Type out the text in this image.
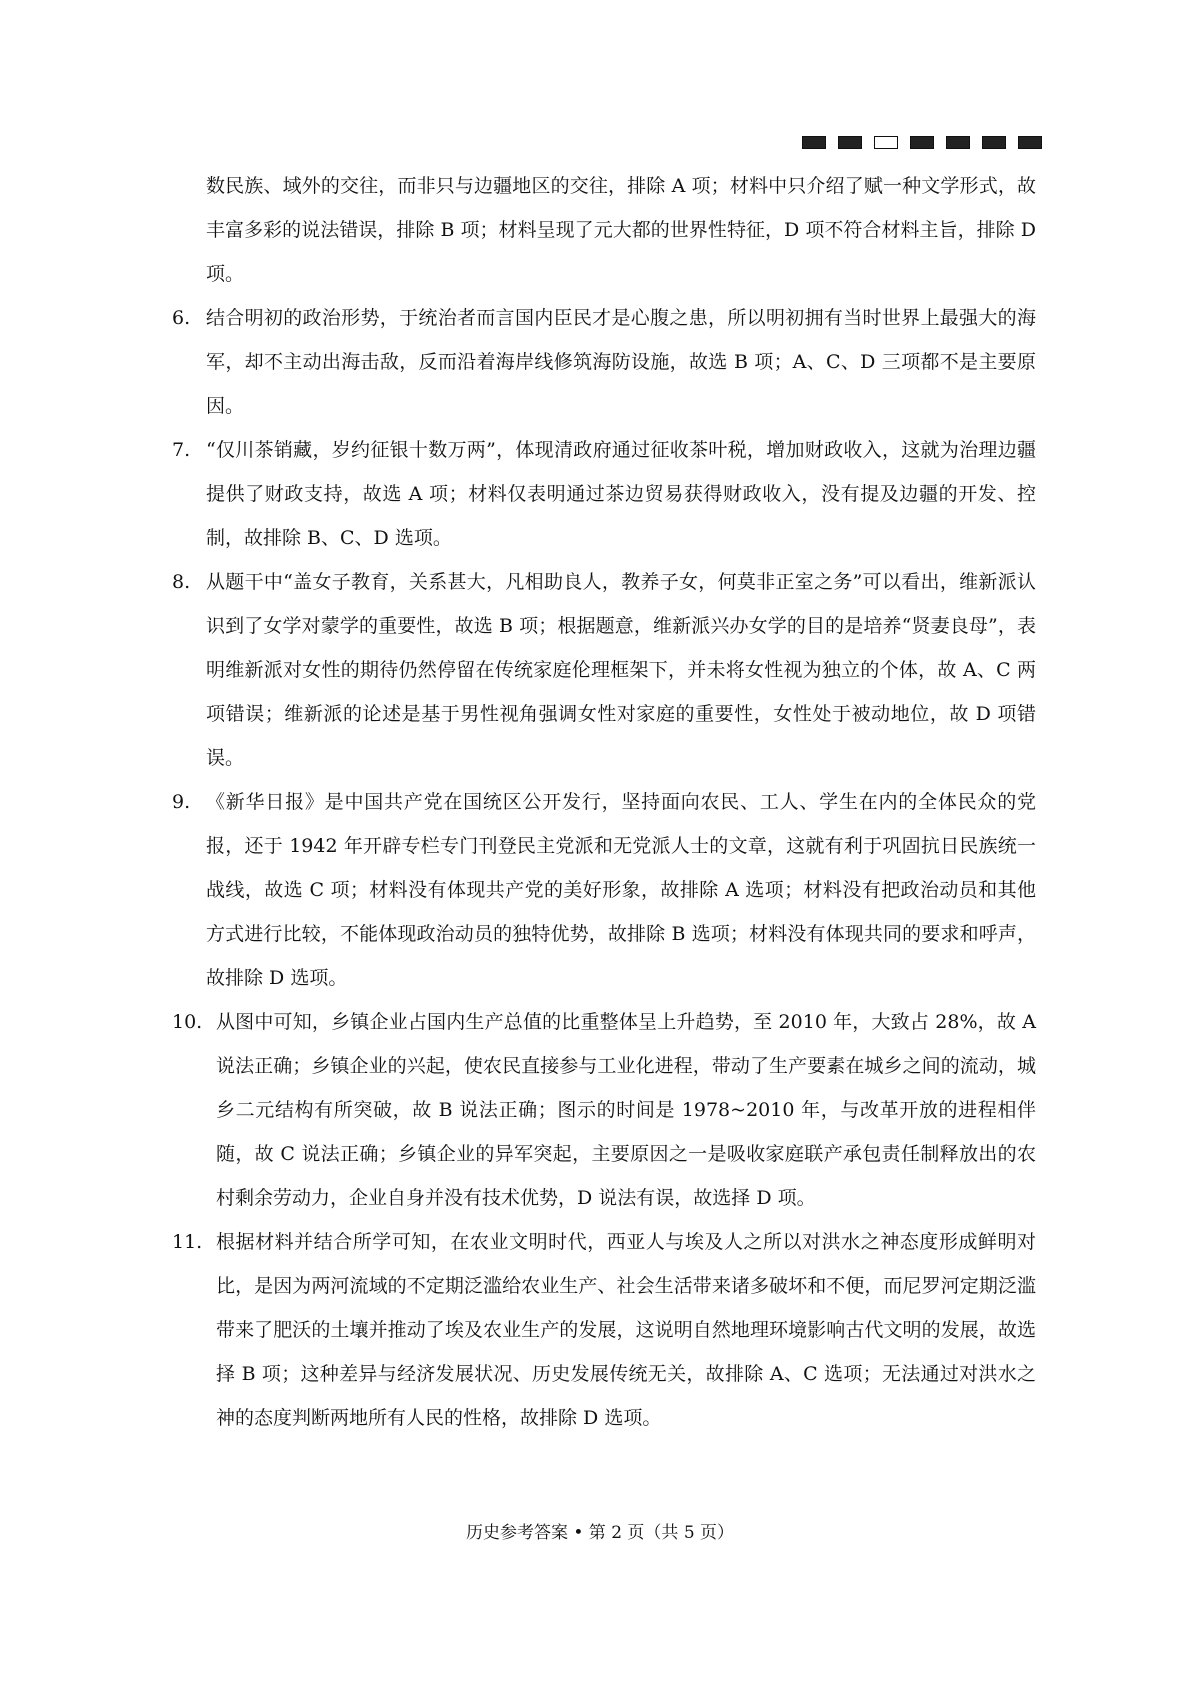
数民族、域外的交往，而非只与边疆地区的交往，排除 A 项；材料中只介绍了赋一种文学形式，故丰富多彩的说法错误，排除 B 项；材料呈现了元大都的世界性特征，D 项不符合材料主旨，排除 D 项。

6. 结合明初的政治形势，于统治者而言国内臣民才是心腹之患，所以明初拥有当时世界上最强大的海军，却不主动出海击敌，反而沿着海岸线修筑海防设施，故选 B 项；A、C、D 三项都不是主要原因。
7. “仅川茶销藏，岁约征银十数万两”，体现清政府通过征收茶叶税，增加财政收入，这就为治理边疆提供了财政支持，故选 A 项；材料仅表明通过茶边贸易获得财政收入，没有提及边疆的开发、控制，故排除 B、C、D 选项。
8. 从题干中“盖女子教育，关系甚大，凡相助良人，教养子女，何莫非正室之务”可以看出，维新派认识到了女学对蒙学的重要性，故选 B 项；根据题意，维新派兴办女学的目的是培养“贤妻良母”，表明维新派对女性的期待仍然停留在传统家庭伦理框架下，并未将女性视为独立的个体，故 A、C 两项错误；维新派的论述是基于男性视角强调女性对家庭的重要性，女性处于被动地位，故 D 项错误。
9. 《新华日报》是中国共产党在国统区公开发行，坚持面向农民、工人、学生在内的全体民众的党报，还于 1942 年开辟专栏专门刊登民主党派和无党派人士的文章，这就有利于巩固抗日民族统一战线，故选 C 项；材料没有体现共产党的美好形象，故排除 A 选项；材料没有把政治动员和其他方式进行比较，不能体现政治动员的独特优势，故排除 B 选项；材料没有体现共同的要求和呼声，故排除 D 选项。
10. 从图中可知，乡镇企业占国内生产总值的比重整体呈上升趋势，至 2010 年，大致占 28%，故 A 说法正确；乡镇企业的兴起，使农民直接参与工业化进程，带动了生产要素在城乡之间的流动，城乡二元结构有所突破，故 B 说法正确；图示的时间是 1978~2010 年，与改革开放的进程相伴随，故 C 说法正确；乡镇企业的异军突起，主要原因之一是吸收家庭联产承包责任制释放出的农村剩余劳动力，企业自身并没有技术优势，D 说法有误，故选择 D 项。
11. 根据材料并结合所学可知，在农业文明时代，西亚人与埃及人之所以对洪水之神态度形成鲜明对比，是因为两河流域的不定期泛滥给农业生产、社会生活带来诸多破坏和不便，而尼罗河定期泛滥带来了肥沃的土壤并推动了埃及农业生产的发展，这说明自然地理环境影响古代文明的发展，故选择 B 项；这种差异与经济发展状况、历史发展传统无关，故排除 A、C 选项；无法通过对洪水之神的态度判断两地所有人民的性格，故排除 D 选项。
历史参考答案 • 第 2 页（共 5 页）
